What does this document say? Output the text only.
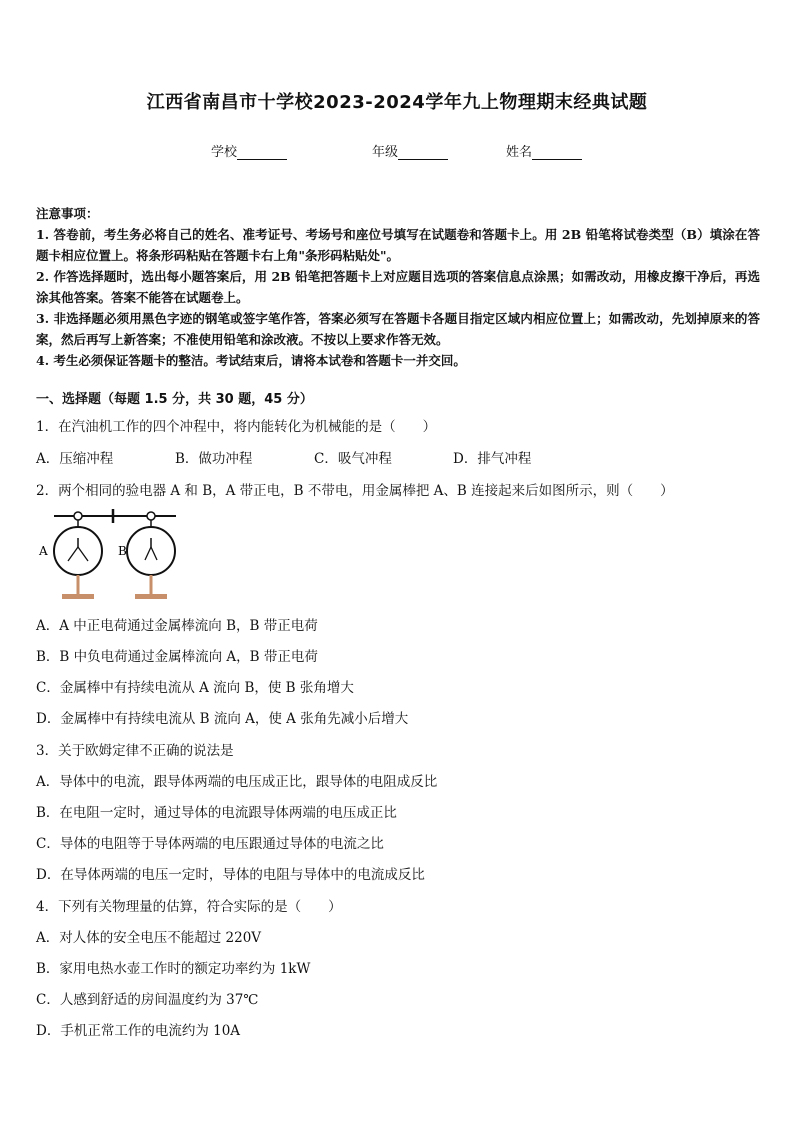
江西省南昌市十学校2023-2024学年九上物理期末经典试题
学校	年级	姓名

注意事项：

1. 答卷前，考生务必将自己的姓名、准考证号、考场号和座位号填写在试题卷和答题卡上。用 2B 铅笔将试卷类型（B）填涂在答题卡相应位置上。将条形码粘贴在答题卡右上角"条形码粘贴处"。

2. 作答选择题时，选出每小题答案后，用 2B 铅笔把答题卡上对应题目选项的答案信息点涂黑；如需改动，用橡皮擦干净后，再选涂其他答案。答案不能答在试题卷上。

3. 非选择题必须用黑色字迹的钢笔或签字笔作答，答案必须写在答题卡各题目指定区域内相应位置上；如需改动，先划掉原来的答案，然后再写上新答案；不准使用铅笔和涂改液。不按以上要求作答无效。

4. 考生必须保证答题卡的整洁。考试结束后，请将本试卷和答题卡一并交回。

一、选择题（每题 1.5 分，共 30 题，45 分）
1．在汽油机工作的四个冲程中，将内能转化为机械能的是（　　）
A．压缩冲程	B．做功冲程	C．吸气冲程	D．排气冲程
2．两个相同的验电器 A 和 B，A 带正电，B 不带电，用金属棒把 A、B 连接起来后如图所示，则（　　）
A	B
A．A 中正电荷通过金属棒流向 B，B 带正电荷
B．B 中负电荷通过金属棒流向 A，B 带正电荷
C．金属棒中有持续电流从 A 流向 B，使 B 张角增大
D．金属棒中有持续电流从 B 流向 A，使 A 张角先减小后增大
3．关于欧姆定律不正确的说法是
A．导体中的电流，跟导体两端的电压成正比，跟导体的电阻成反比
B．在电阻一定时，通过导体的电流跟导体两端的电压成正比
C．导体的电阻等于导体两端的电压跟通过导体的电流之比
D．在导体两端的电压一定时，导体的电阻与导体中的电流成反比
4．下列有关物理量的估算，符合实际的是（　　）
A．对人体的安全电压不能超过 220V
B．家用电热水壶工作时的额定功率约为 1kW
C．人感到舒适的房间温度约为 37℃
D．手机正常工作的电流约为 10A
